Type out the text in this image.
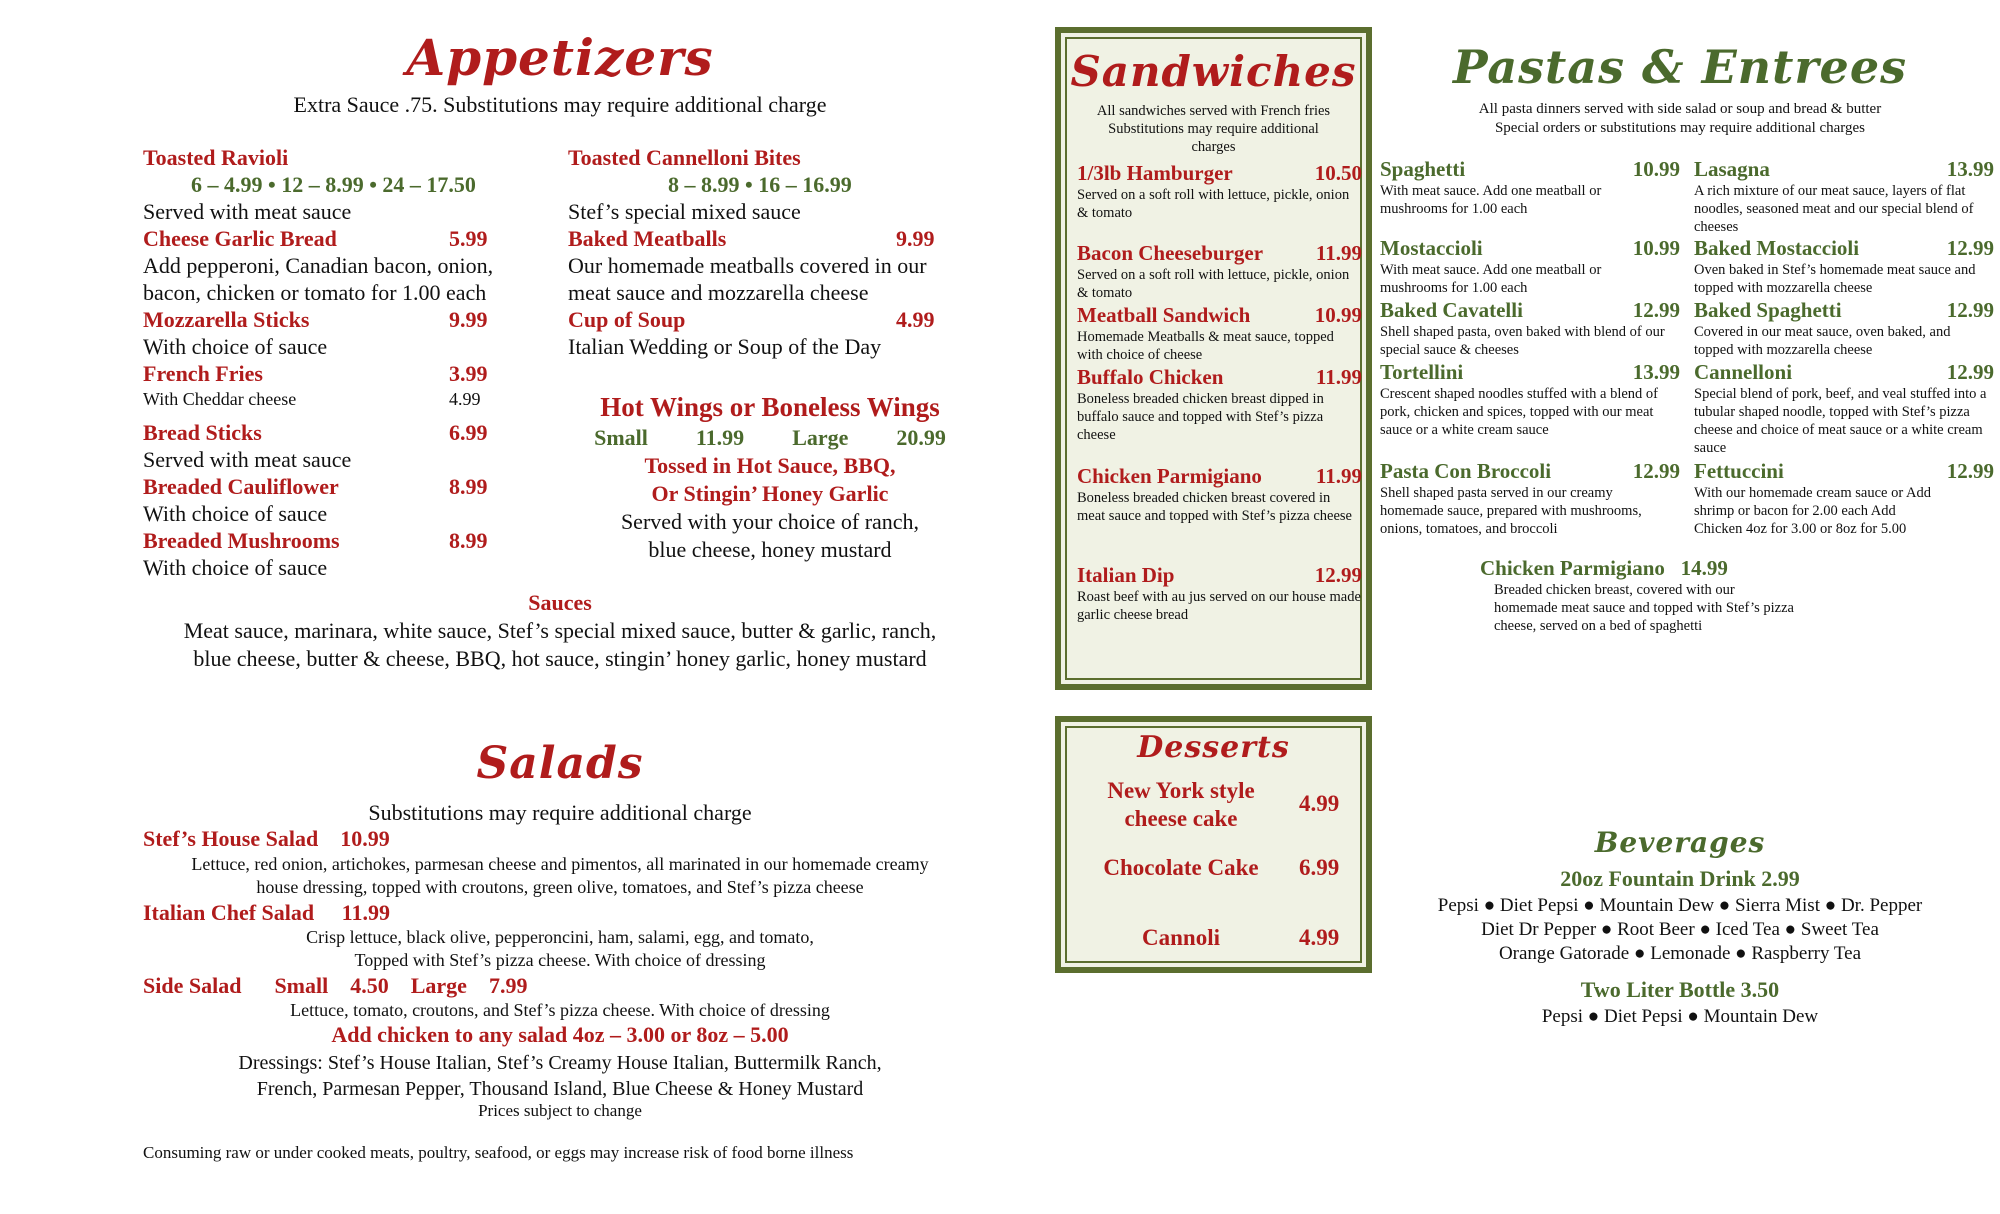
Appetizers
Extra Sauce .75. Substitutions may require additional charge
Toasted Ravioli
6 – 4.99 • 12 – 8.99 • 24 – 17.50
Served with meat sauce
Cheese Garlic Bread	5.99
Add pepperoni, Canadian bacon, onion,
bacon, chicken or tomato for 1.00 each
Mozzarella Sticks	9.99
With choice of sauce
French Fries	3.99
With Cheddar cheese	4.99
Bread Sticks	6.99
Served with meat sauce
Breaded Cauliflower	8.99
With choice of sauce
Breaded Mushrooms	8.99
With choice of sauce
Toasted Cannelloni Bites
8 – 8.99 • 16 – 16.99
Stef’s special mixed sauce
Baked Meatballs	9.99
Our homemade meatballs covered in our
meat sauce and mozzarella cheese
Cup of Soup	4.99
Italian Wedding or Soup of the Day
Hot Wings or Boneless Wings
Small 11.99 Large 20.99
Tossed in Hot Sauce, BBQ,
Or Stingin’ Honey Garlic
Served with your choice of ranch,
blue cheese, honey mustard
Sauces
Meat sauce, marinara, white sauce, Stef’s special mixed sauce, butter & garlic, ranch,
blue cheese, butter & cheese, BBQ, hot sauce, stingin’ honey garlic, honey mustard
Salads
Substitutions may require additional charge
Stef’s House Salad 10.99
Lettuce, red onion, artichokes, parmesan cheese and pimentos, all marinated in our homemade creamy
house dressing, topped with croutons, green olive, tomatoes, and Stef’s pizza cheese
Italian Chef Salad 11.99
Crisp lettuce, black olive, pepperoncini, ham, salami, egg, and tomato,
Topped with Stef’s pizza cheese. With choice of dressing
Side Salad Small 4.50 Large 7.99
Lettuce, tomato, croutons, and Stef’s pizza cheese. With choice of dressing
Add chicken to any salad 4oz – 3.00 or 8oz – 5.00
Dressings: Stef’s House Italian, Stef’s Creamy House Italian, Buttermilk Ranch,
French, Parmesan Pepper, Thousand Island, Blue Cheese & Honey Mustard
Prices subject to change
Consuming raw or under cooked meats, poultry, seafood, or eggs may increase risk of food borne illness
Sandwiches
All sandwiches served with French fries
Substitutions may require additional
charges
1/3lb Hamburger	10.50
Served on a soft roll with lettuce, pickle, onion & tomato
Bacon Cheeseburger	11.99
Served on a soft roll with lettuce, pickle, onion & tomato
Meatball Sandwich	10.99
Homemade Meatballs & meat sauce, topped with choice of cheese
Buffalo Chicken	11.99
Boneless breaded chicken breast dipped in buffalo sauce and topped with Stef’s pizza cheese
Chicken Parmigiano	11.99
Boneless breaded chicken breast covered in meat sauce and topped with Stef’s pizza cheese
Italian Dip	12.99
Roast beef with au jus served on our house made garlic cheese bread
Pastas & Entrees
All pasta dinners served with side salad or soup and bread & butter
Special orders or substitutions may require additional charges
Spaghetti	10.99
With meat sauce. Add one meatball or mushrooms for 1.00 each
Mostaccioli	10.99
With meat sauce. Add one meatball or mushrooms for 1.00 each
Baked Cavatelli	12.99
Shell shaped pasta, oven baked with blend of our special sauce & cheeses
Tortellini	13.99
Crescent shaped noodles stuffed with a blend of pork, chicken and spices, topped with our meat sauce or a white cream sauce
Pasta Con Broccoli	12.99
Shell shaped pasta served in our creamy homemade sauce, prepared with mushrooms, onions, tomatoes, and broccoli
Lasagna	13.99
A rich mixture of our meat sauce, layers of flat noodles, seasoned meat and our special blend of cheeses
Baked Mostaccioli	12.99
Oven baked in Stef’s homemade meat sauce and topped with mozzarella cheese
Baked Spaghetti	12.99
Covered in our meat sauce, oven baked, and topped with mozzarella cheese
Cannelloni	12.99
Special blend of pork, beef, and veal stuffed into a tubular shaped noodle, topped with Stef’s pizza cheese and choice of meat sauce or a white cream sauce
Fettuccini	12.99
With our homemade cream sauce or Add shrimp or bacon for 2.00 each Add Chicken 4oz for 3.00 or 8oz for 5.00
Chicken Parmigiano 14.99
Breaded chicken breast, covered with our homemade meat sauce and topped with Stef’s pizza cheese, served on a bed of spaghetti
Desserts
New York style
cheese cake
4.99
Chocolate Cake	6.99
Cannoli	4.99
Beverages
20oz Fountain Drink 2.99
Pepsi ● Diet Pepsi ● Mountain Dew ● Sierra Mist ● Dr. Pepper
Diet Dr Pepper ● Root Beer ● Iced Tea ● Sweet Tea
Orange Gatorade ● Lemonade ● Raspberry Tea
Two Liter Bottle 3.50
Pepsi ● Diet Pepsi ● Mountain Dew
